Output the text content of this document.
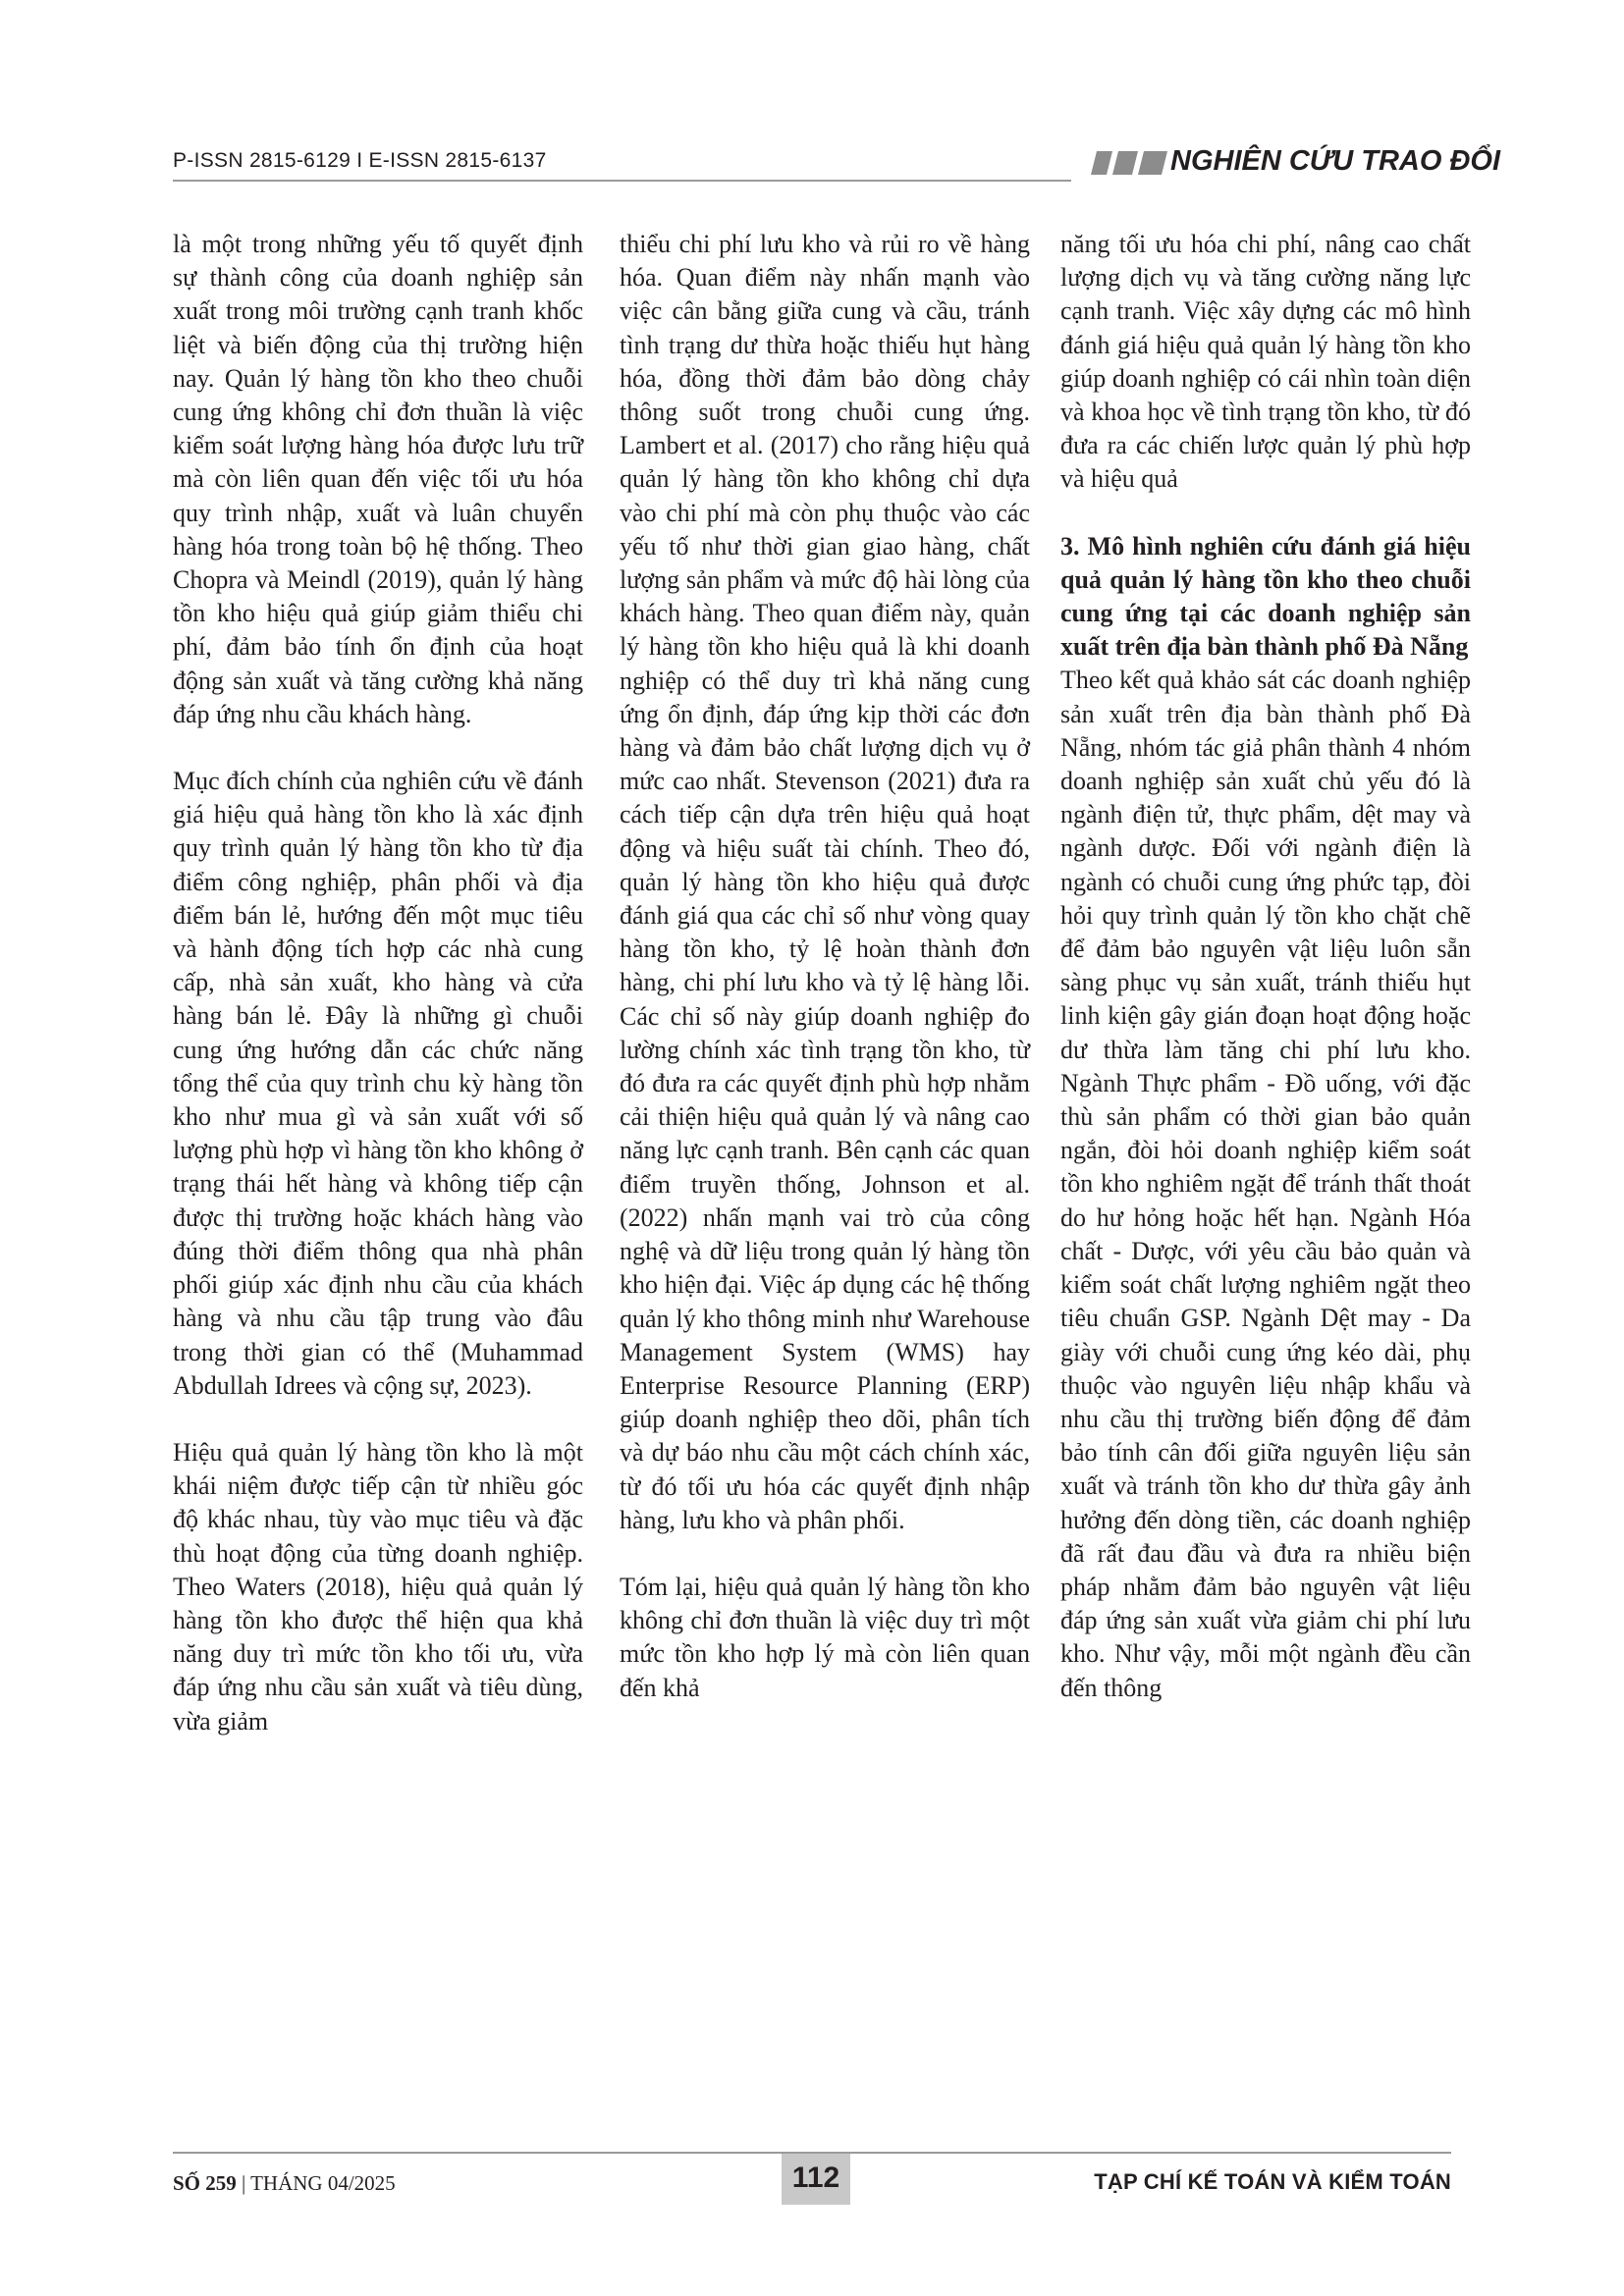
P-ISSN 2815-6129 I E-ISSN 2815-6137	NGHIÊN CỨU TRAO ĐỔI

là một trong những yếu tố quyết định sự thành công của doanh nghiệp sản xuất trong môi trường cạnh tranh khốc liệt và biến động của thị trường hiện nay. Quản lý hàng tồn kho theo chuỗi cung ứng không chỉ đơn thuần là việc kiểm soát lượng hàng hóa được lưu trữ mà còn liên quan đến việc tối ưu hóa quy trình nhập, xuất và luân chuyển hàng hóa trong toàn bộ hệ thống. Theo Chopra và Meindl (2019), quản lý hàng tồn kho hiệu quả giúp giảm thiểu chi phí, đảm bảo tính ổn định của hoạt động sản xuất và tăng cường khả năng đáp ứng nhu cầu khách hàng.

Mục đích chính của nghiên cứu về đánh giá hiệu quả hàng tồn kho là xác định quy trình quản lý hàng tồn kho từ địa điểm công nghiệp, phân phối và địa điểm bán lẻ, hướng đến một mục tiêu và hành động tích hợp các nhà cung cấp, nhà sản xuất, kho hàng và cửa hàng bán lẻ. Đây là những gì chuỗi cung ứng hướng dẫn các chức năng tổng thể của quy trình chu kỳ hàng tồn kho như mua gì và sản xuất với số lượng phù hợp vì hàng tồn kho không ở trạng thái hết hàng và không tiếp cận được thị trường hoặc khách hàng vào đúng thời điểm thông qua nhà phân phối giúp xác định nhu cầu của khách hàng và nhu cầu tập trung vào đâu trong thời gian có thể (Muhammad Abdullah Idrees và cộng sự, 2023).

Hiệu quả quản lý hàng tồn kho là một khái niệm được tiếp cận từ nhiều góc độ khác nhau, tùy vào mục tiêu và đặc thù hoạt động của từng doanh nghiệp. Theo Waters (2018), hiệu quả quản lý hàng tồn kho được thể hiện qua khả năng duy trì mức tồn kho tối ưu, vừa đáp ứng nhu cầu sản xuất và tiêu dùng, vừa giảm

thiểu chi phí lưu kho và rủi ro về hàng hóa. Quan điểm này nhấn mạnh vào việc cân bằng giữa cung và cầu, tránh tình trạng dư thừa hoặc thiếu hụt hàng hóa, đồng thời đảm bảo dòng chảy thông suốt trong chuỗi cung ứng. Lambert et al. (2017) cho rằng hiệu quả quản lý hàng tồn kho không chỉ dựa vào chi phí mà còn phụ thuộc vào các yếu tố như thời gian giao hàng, chất lượng sản phẩm và mức độ hài lòng của khách hàng. Theo quan điểm này, quản lý hàng tồn kho hiệu quả là khi doanh nghiệp có thể duy trì khả năng cung ứng ổn định, đáp ứng kịp thời các đơn hàng và đảm bảo chất lượng dịch vụ ở mức cao nhất. Stevenson (2021) đưa ra cách tiếp cận dựa trên hiệu quả hoạt động và hiệu suất tài chính. Theo đó, quản lý hàng tồn kho hiệu quả được đánh giá qua các chỉ số như vòng quay hàng tồn kho, tỷ lệ hoàn thành đơn hàng, chi phí lưu kho và tỷ lệ hàng lỗi. Các chỉ số này giúp doanh nghiệp đo lường chính xác tình trạng tồn kho, từ đó đưa ra các quyết định phù hợp nhằm cải thiện hiệu quả quản lý và nâng cao năng lực cạnh tranh. Bên cạnh các quan điểm truyền thống, Johnson et al. (2022) nhấn mạnh vai trò của công nghệ và dữ liệu trong quản lý hàng tồn kho hiện đại. Việc áp dụng các hệ thống quản lý kho thông minh như Warehouse Management System (WMS) hay Enterprise Resource Planning (ERP) giúp doanh nghiệp theo dõi, phân tích và dự báo nhu cầu một cách chính xác, từ đó tối ưu hóa các quyết định nhập hàng, lưu kho và phân phối.

Tóm lại, hiệu quả quản lý hàng tồn kho không chỉ đơn thuần là việc duy trì một mức tồn kho hợp lý mà còn liên quan đến khả

năng tối ưu hóa chi phí, nâng cao chất lượng dịch vụ và tăng cường năng lực cạnh tranh. Việc xây dựng các mô hình đánh giá hiệu quả quản lý hàng tồn kho giúp doanh nghiệp có cái nhìn toàn diện và khoa học về tình trạng tồn kho, từ đó đưa ra các chiến lược quản lý phù hợp và hiệu quả

3. Mô hình nghiên cứu đánh giá hiệu quả quản lý hàng tồn kho theo chuỗi cung ứng tại các doanh nghiệp sản xuất trên địa bàn thành phố Đà Nẵng

Theo kết quả khảo sát các doanh nghiệp sản xuất trên địa bàn thành phố Đà Nẵng, nhóm tác giả phân thành 4 nhóm doanh nghiệp sản xuất chủ yếu đó là ngành điện tử, thực phẩm, dệt may và ngành dược. Đối với ngành điện là ngành có chuỗi cung ứng phức tạp, đòi hỏi quy trình quản lý tồn kho chặt chẽ để đảm bảo nguyên vật liệu luôn sẵn sàng phục vụ sản xuất, tránh thiếu hụt linh kiện gây gián đoạn hoạt động hoặc dư thừa làm tăng chi phí lưu kho. Ngành Thực phẩm - Đồ uống, với đặc thù sản phẩm có thời gian bảo quản ngắn, đòi hỏi doanh nghiệp kiểm soát tồn kho nghiêm ngặt để tránh thất thoát do hư hỏng hoặc hết hạn. Ngành Hóa chất - Dược, với yêu cầu bảo quản và kiểm soát chất lượng nghiêm ngặt theo tiêu chuẩn GSP. Ngành Dệt may - Da giày với chuỗi cung ứng kéo dài, phụ thuộc vào nguyên liệu nhập khẩu và nhu cầu thị trường biến động để đảm bảo tính cân đối giữa nguyên liệu sản xuất và tránh tồn kho dư thừa gây ảnh hưởng đến dòng tiền, các doanh nghiệp đã rất đau đầu và đưa ra nhiều biện pháp nhằm đảm bảo nguyên vật liệu đáp ứng sản xuất vừa giảm chi phí lưu kho. Như vậy, mỗi một ngành đều cần đến thông

SỐ 259 | THÁNG 04/2025	112	TẠP CHÍ KẾ TOÁN VÀ KIỂM TOÁN
